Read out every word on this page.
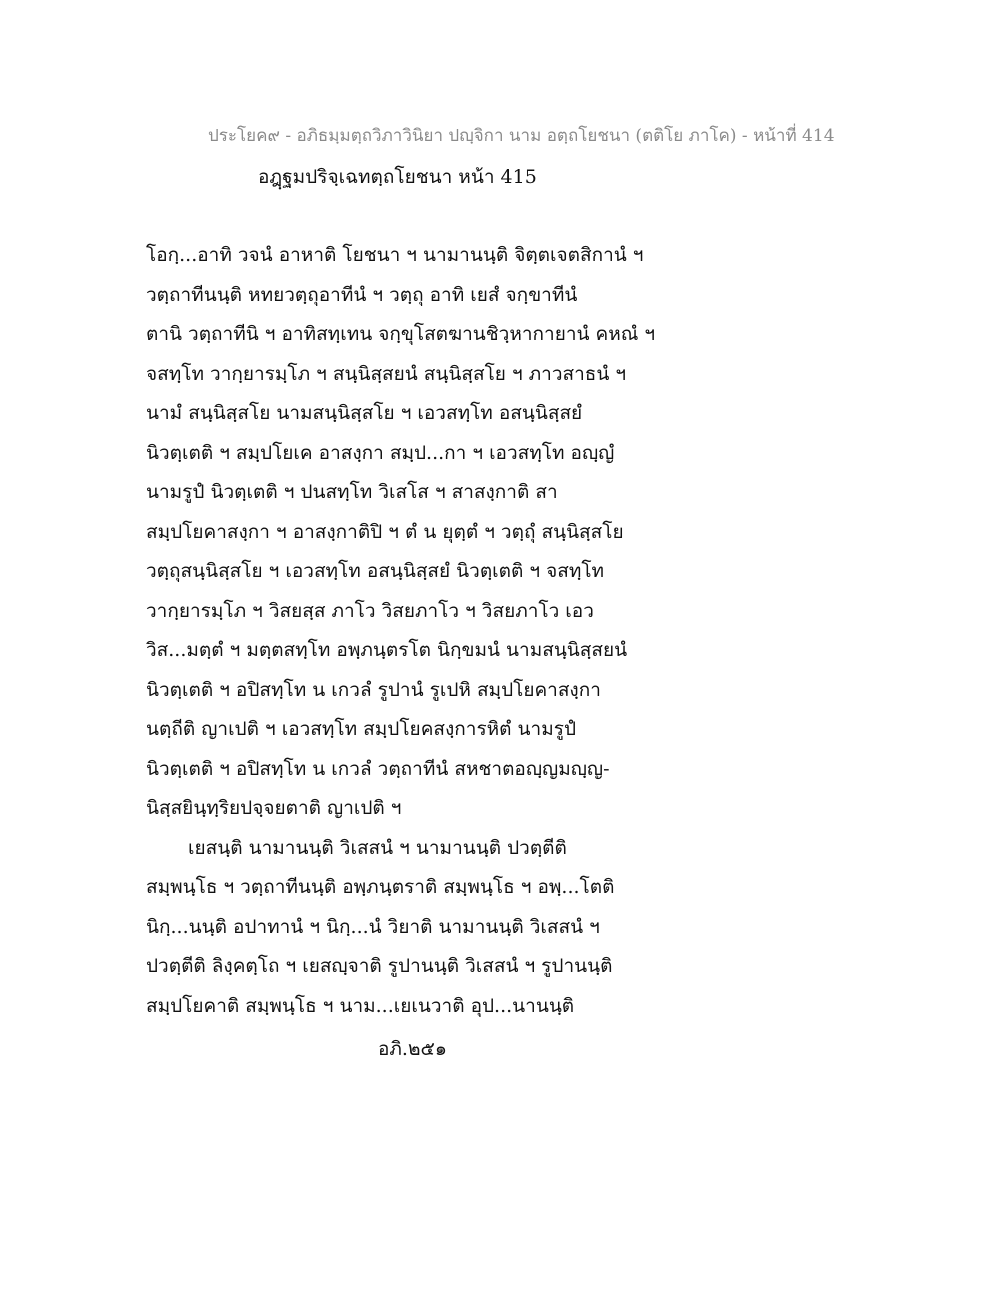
ประโยค๙ - อภิธมฺมตฺถวิภาวินิยา ปญฺจิกา นาม อตฺถโยชนา (ตติโย ภาโค) - หน้าที่ 414
อฎฺฐมปริจฺเฉทตฺถโยชนา หน้า 415
โอกฺ...อาทิ วจนํ อาหาติ โยชนา ฯ นามานนฺติ จิตฺตเจตสิกานํ ฯ
วตฺถาทีนนฺติ หทยวตฺถุอาทีนํ ฯ วตฺถุ อาทิ เยสํ จกฺขาทีนํ
ตานิ วตฺถาทีนิ ฯ อาทิสทฺเทน จกฺขุโสตฆานชิวฺหากายานํ คหณํ ฯ
จสทฺโท วากฺยารมฺโภ ฯ สนฺนิสฺสยนํ สนฺนิสฺสโย ฯ ภาวสาธนํ ฯ
นามํ สนฺนิสฺสโย นามสนฺนิสฺสโย ฯ เอวสทฺโท อสนฺนิสฺสยํ
นิวตฺเตติ ฯ สมฺปโยเค อาสงฺกา สมฺป...กา ฯ เอวสทฺโท อญฺญํ
นามรูปํ นิวตฺเตติ ฯ ปนสทฺโท วิเสโส ฯ สาสงฺกาติ สา
สมฺปโยคาสงฺกา ฯ อาสงฺกาติปิ ฯ ตํ น ยุตฺตํ ฯ วตฺถุํ สนฺนิสฺสโย
วตฺถุสนฺนิสฺสโย ฯ เอวสทฺโท อสนฺนิสฺสยํ นิวตฺเตติ ฯ จสทฺโท
วากฺยารมฺโภ ฯ วิสยสฺส ภาโว วิสยภาโว ฯ วิสยภาโว เอว
วิส...มตฺตํ ฯ มตฺตสทฺโท อพฺภนฺตรโต นิกฺขมนํ นามสนฺนิสฺสยนํ
นิวตฺเตติ ฯ อปิสทฺโท น เกวลํ รูปานํ รูเปหิ สมฺปโยคาสงฺกา
นตฺถีติ ญาเปติ ฯ เอวสทฺโท สมฺปโยคสงฺการหิตํ นามรูปํ
นิวตฺเตติ ฯ อปิสทฺโท น เกวลํ วตฺถาทีนํ สหชาตอญฺญมญฺญ-
นิสฺสยินฺทฺริยปจฺจยตาติ ญาเปติ ฯ
เยสนฺติ นามานนฺติ วิเสสนํ ฯ นามานนฺติ ปวตฺตีติ
สมฺพนฺโธ ฯ วตฺถาทีนนฺติ อพฺภนฺตราติ สมฺพนฺโธ ฯ อพฺ...โตติ
นิกฺ...นนฺติ อปาทานํ ฯ นิกฺ...นํ วิยาติ นามานนฺติ วิเสสนํ ฯ
ปวตฺตีติ ลิงฺคตฺโถ ฯ เยสญฺจาติ รูปานนฺติ วิเสสนํ ฯ รูปานนฺติ
สมฺปโยคาติ สมฺพนฺโธ ฯ นาม...เยเนวาติ อุป...นานนฺติ
อภิ.๒๕๑
